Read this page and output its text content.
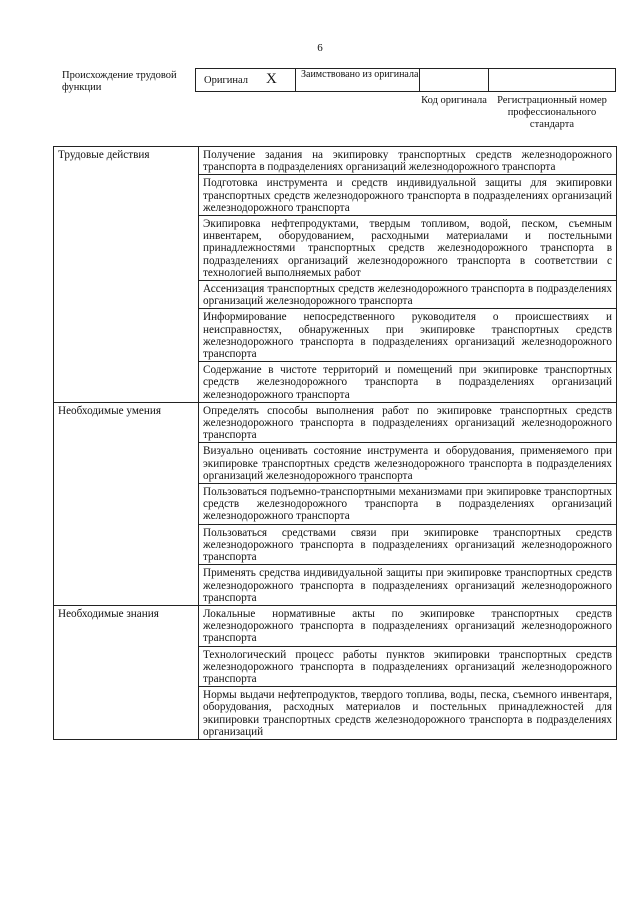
6
Происхождение трудовой функции
Оригинал X Заимствовано из оригинала
Код оригинала Регистрационный номер профессионального стандарта
Трудовые действия	Получение задания на экипировку транспортных средств железнодорожного транспорта в подразделениях организаций железнодорожного транспорта
	Подготовка инструмента и средств индивидуальной защиты для экипировки транспортных средств железнодорожного транспорта в подразделениях организаций железнодорожного транспорта
	Экипировка нефтепродуктами, твердым топливом, водой, песком, съемным инвентарем, оборудованием, расходными материалами и постельными принадлежностями транспортных средств железнодорожного транспорта в подразделениях организаций железнодорожного транспорта в соответствии с технологией выполняемых работ
	Ассенизация транспортных средств железнодорожного транспорта в подразделениях организаций железнодорожного транспорта
	Информирование непосредственного руководителя о происшествиях и неисправностях, обнаруженных при экипировке транспортных средств железнодорожного транспорта в подразделениях организаций железнодорожного транспорта
	Содержание в чистоте территорий и помещений при экипировке транспортных средств железнодорожного транспорта в подразделениях организаций железнодорожного транспорта
Необходимые умения	Определять способы выполнения работ по экипировке транспортных средств железнодорожного транспорта в подразделениях организаций железнодорожного транспорта
	Визуально оценивать состояние инструмента и оборудования, применяемого при экипировке транспортных средств железнодорожного транспорта в подразделениях организаций железнодорожного транспорта
	Пользоваться подъемно-транспортными механизмами при экипировке транспортных средств железнодорожного транспорта в подразделениях организаций железнодорожного транспорта
	Пользоваться средствами связи при экипировке транспортных средств железнодорожного транспорта в подразделениях организаций железнодорожного транспорта
	Применять средства индивидуальной защиты при экипировке транспортных средств железнодорожного транспорта в подразделениях организаций железнодорожного транспорта
Необходимые знания	Локальные нормативные акты по экипировке транспортных средств железнодорожного транспорта в подразделениях организаций железнодорожного транспорта
	Технологический процесс работы пунктов экипировки транспортных средств железнодорожного транспорта в подразделениях организаций железнодорожного транспорта
	Нормы выдачи нефтепродуктов, твердого топлива, воды, песка, съемного инвентаря, оборудования, расходных материалов и постельных принадлежностей для экипировки транспортных средств железнодорожного транспорта в подразделениях организаций
